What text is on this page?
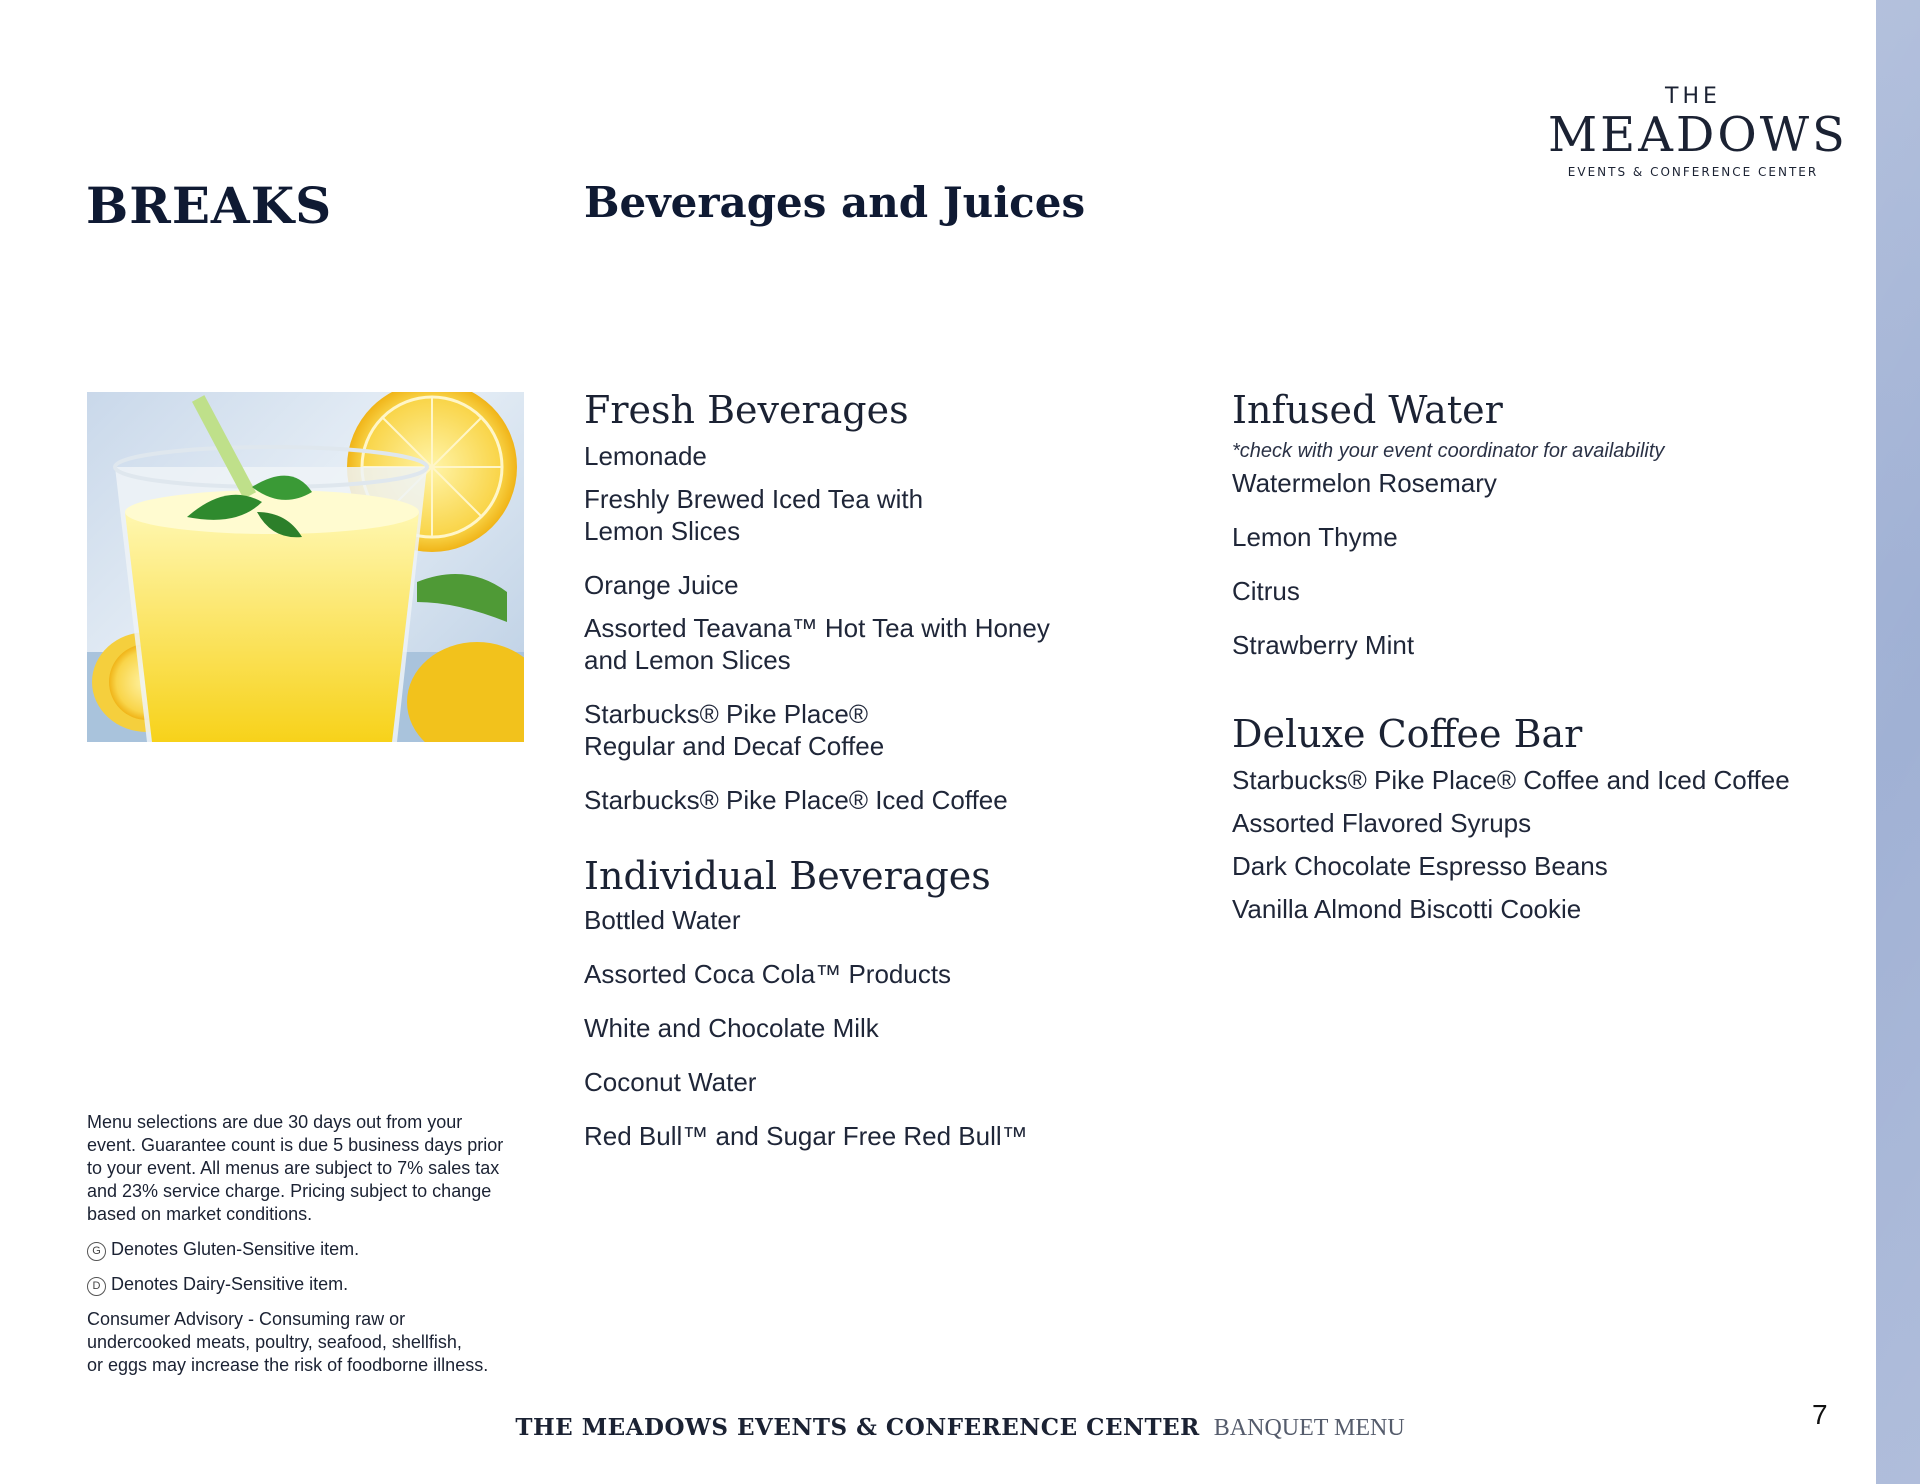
THE
MEADOWS
EVENTS & CONFERENCE CENTER
BREAKS	Beverages and Juices
Fresh Beverages
Lemonade
Freshly Brewed Iced Tea with
Lemon Slices
Orange Juice
Assorted Teavana™ Hot Tea with Honey
and Lemon Slices
Starbucks® Pike Place®
Regular and Decaf Coffee
Starbucks® Pike Place® Iced Coffee
Individual Beverages
Bottled Water
Assorted Coca Cola™ Products
White and Chocolate Milk
Coconut Water
Red Bull™ and Sugar Free Red Bull™
Infused Water
*check with your event coordinator for availability
Watermelon Rosemary
Lemon Thyme
Citrus
Strawberry Mint
Deluxe Coffee Bar
Starbucks® Pike Place® Coffee and Iced Coffee
Assorted Flavored Syrups
Dark Chocolate Espresso Beans
Vanilla Almond Biscotti Cookie

Menu selections are due 30 days out from your
event. Guarantee count is due 5 business days prior
to your event. All menus are subject to 7% sales tax
and 23% service charge. Pricing subject to change
based on market conditions.

G Denotes Gluten-Sensitive item.

D Denotes Dairy-Sensitive item.

Consumer Advisory - Consuming raw or
undercooked meats, poultry, seafood, shellfish,
or eggs may increase the risk of foodborne illness.

THE MEADOWS EVENTS & CONFERENCE CENTER BANQUET MENU	7
